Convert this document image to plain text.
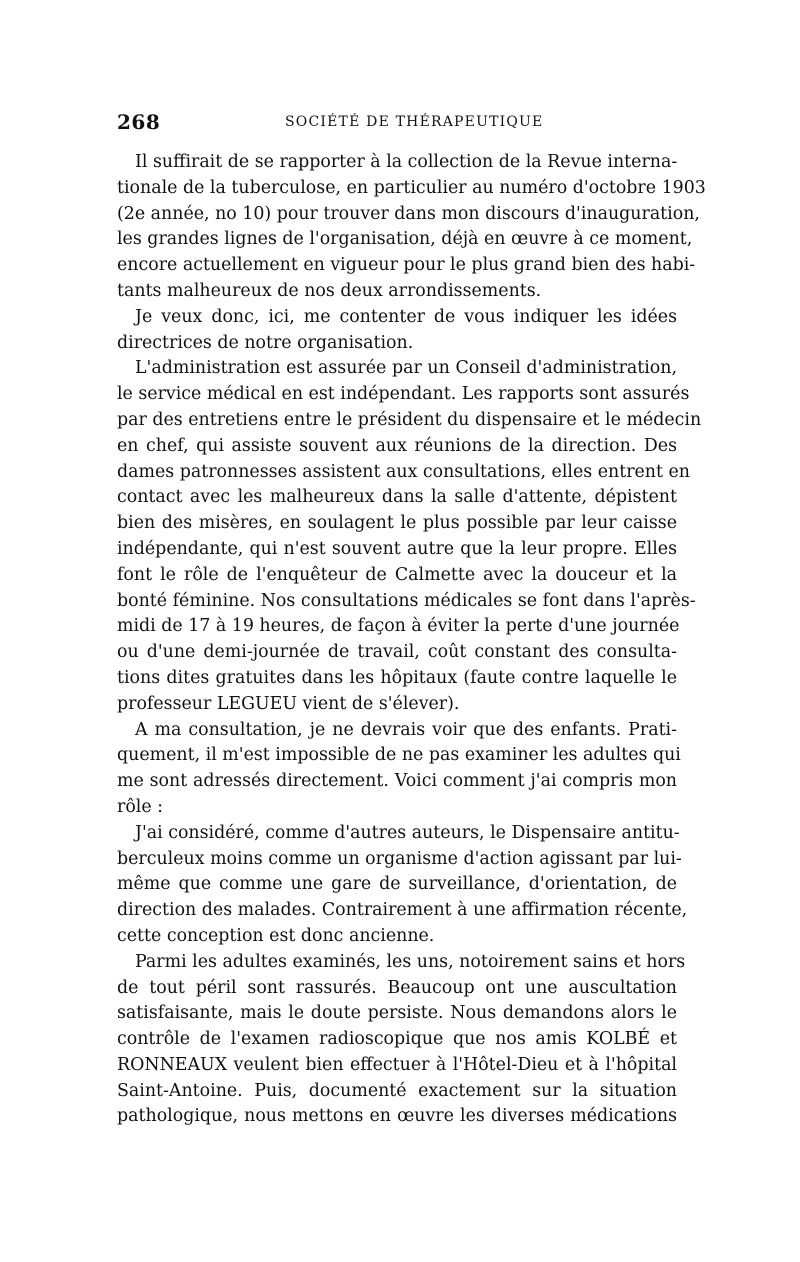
268	SOCIÉTÉ DE THÉRAPEUTIQUE

Il suffirait de se rapporter à la collection de la Revue interna-
tionale de la tuberculose, en particulier au numéro d'octobre 1903
(2e année, no 10) pour trouver dans mon discours d'inauguration,
les grandes lignes de l'organisation, déjà en œuvre à ce moment,
encore actuellement en vigueur pour le plus grand bien des habi-
tants malheureux de nos deux arrondissements.

Je veux donc, ici, me contenter de vous indiquer les idées
directrices de notre organisation.

L'administration est assurée par un Conseil d'administration,
le service médical en est indépendant. Les rapports sont assurés
par des entretiens entre le président du dispensaire et le médecin
en chef, qui assiste souvent aux réunions de la direction. Des
dames patronnesses assistent aux consultations, elles entrent en
contact avec les malheureux dans la salle d'attente, dépistent
bien des misères, en soulagent le plus possible par leur caisse
indépendante, qui n'est souvent autre que la leur propre. Elles
font le rôle de l'enquêteur de Calmette avec la douceur et la
bonté féminine. Nos consultations médicales se font dans l'après-
midi de 17 à 19 heures, de façon à éviter la perte d'une journée
ou d'une demi-journée de travail, coût constant des consulta-
tions dites gratuites dans les hôpitaux (faute contre laquelle le
professeur LEGUEU vient de s'élever).

A ma consultation, je ne devrais voir que des enfants. Prati-
quement, il m'est impossible de ne pas examiner les adultes qui
me sont adressés directement. Voici comment j'ai compris mon
rôle :

J'ai considéré, comme d'autres auteurs, le Dispensaire antitu-
berculeux moins comme un organisme d'action agissant par lui-
même que comme une gare de surveillance, d'orientation, de
direction des malades. Contrairement à une affirmation récente,
cette conception est donc ancienne.

Parmi les adultes examinés, les uns, notoirement sains et hors
de tout péril sont rassurés. Beaucoup ont une auscultation
satisfaisante, mais le doute persiste. Nous demandons alors le
contrôle de l'examen radioscopique que nos amis KOLBÉ et
RONNEAUX veulent bien effectuer à l'Hôtel-Dieu et à l'hôpital
Saint-Antoine. Puis, documenté exactement sur la situation
pathologique, nous mettons en œuvre les diverses médications
